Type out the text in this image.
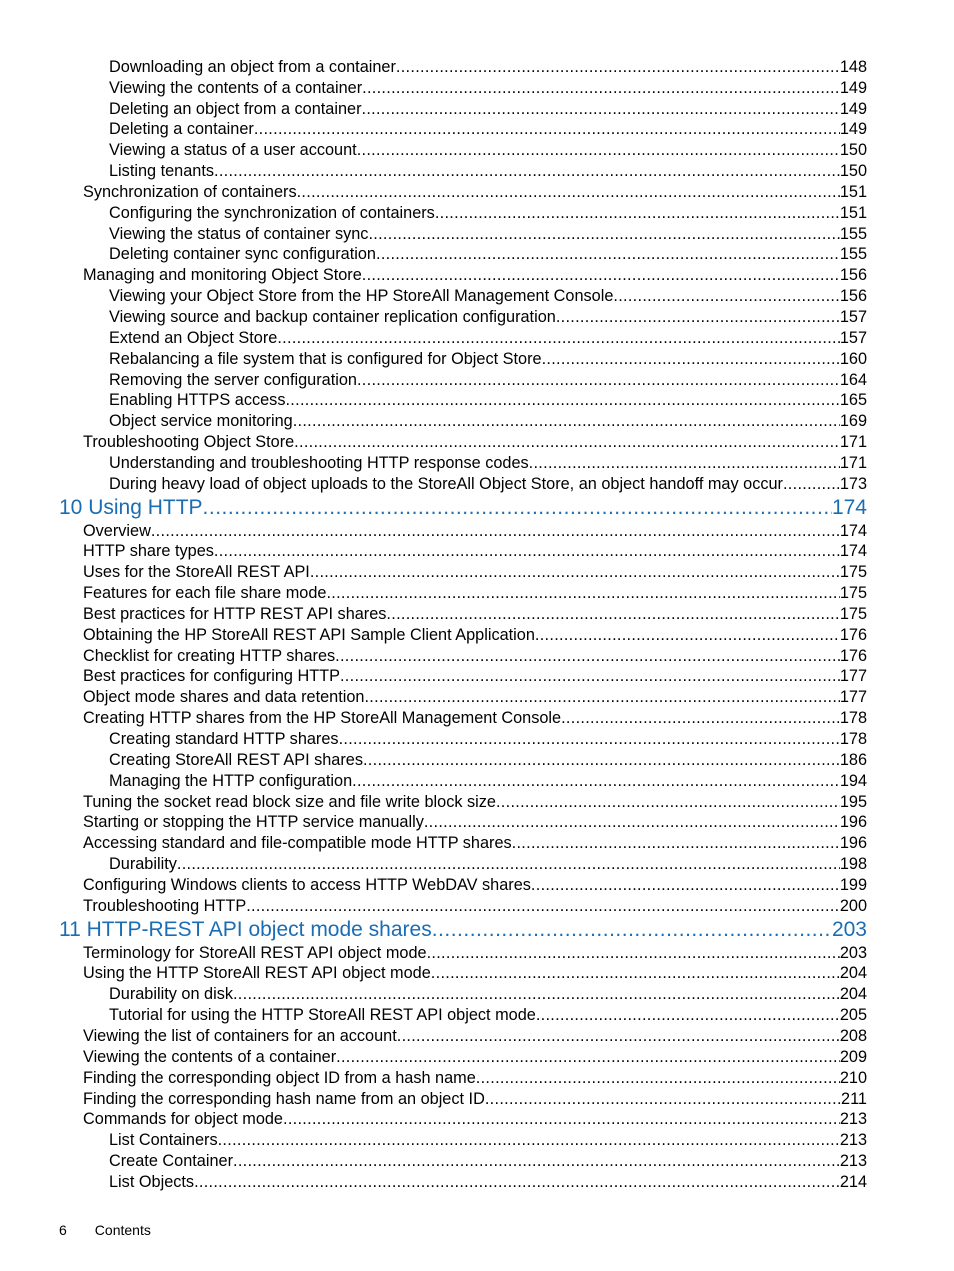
Downloading an object from a container .....	148
Viewing the contents of a container .....	149
Deleting an object from a container .....	149
Deleting a container .....	149
Viewing a status of a user account .....	150
Listing tenants .....	150
Synchronization of containers .....	151
Configuring the synchronization of containers .....	151
Viewing the status of container sync .....	155
Deleting container sync configuration .....	155
Managing and monitoring Object Store .....	156
Viewing your Object Store from the HP StoreAll Management Console .....	156
Viewing source and backup container replication configuration .....	157
Extend an Object Store .....	157
Rebalancing a file system that is configured for Object Store .....	160
Removing the server configuration .....	164
Enabling HTTPS access .....	165
Object service monitoring .....	169
Troubleshooting Object Store .....	171
Understanding and troubleshooting HTTP response codes .....	171
During heavy load of object uploads to the StoreAll Object Store, an object handoff may occur .....	173
10 Using HTTP .....	174
Overview .....	174
HTTP share types .....	174
Uses for the StoreAll REST API .....	175
Features for each file share mode .....	175
Best practices for HTTP REST API shares .....	175
Obtaining the HP StoreAll REST API Sample Client Application .....	176
Checklist for creating HTTP shares .....	176
Best practices for configuring HTTP .....	177
Object mode shares and data retention .....	177
Creating HTTP shares from the HP StoreAll Management Console .....	178
Creating standard HTTP shares .....	178
Creating StoreAll REST API shares .....	186
Managing the HTTP configuration .....	194
Tuning the socket read block size and file write block size .....	195
Starting or stopping the HTTP service manually .....	196
Accessing standard and file-compatible mode HTTP shares .....	196
Durability .....	198
Configuring Windows clients to access HTTP WebDAV shares .....	199
Troubleshooting HTTP .....	200
11 HTTP-REST API object mode shares .....	203
Terminology for StoreAll REST API object mode .....	203
Using the HTTP StoreAll REST API object mode .....	204
Durability on disk .....	204
Tutorial for using the HTTP StoreAll REST API object mode .....	205
Viewing the list of containers for an account .....	208
Viewing the contents of a container .....	209
Finding the corresponding object ID from a hash name .....	210
Finding the corresponding hash name from an object ID .....	211
Commands for object mode .....	213
List Containers .....	213
Create Container .....	213
List Objects .....	214
6 Contents
